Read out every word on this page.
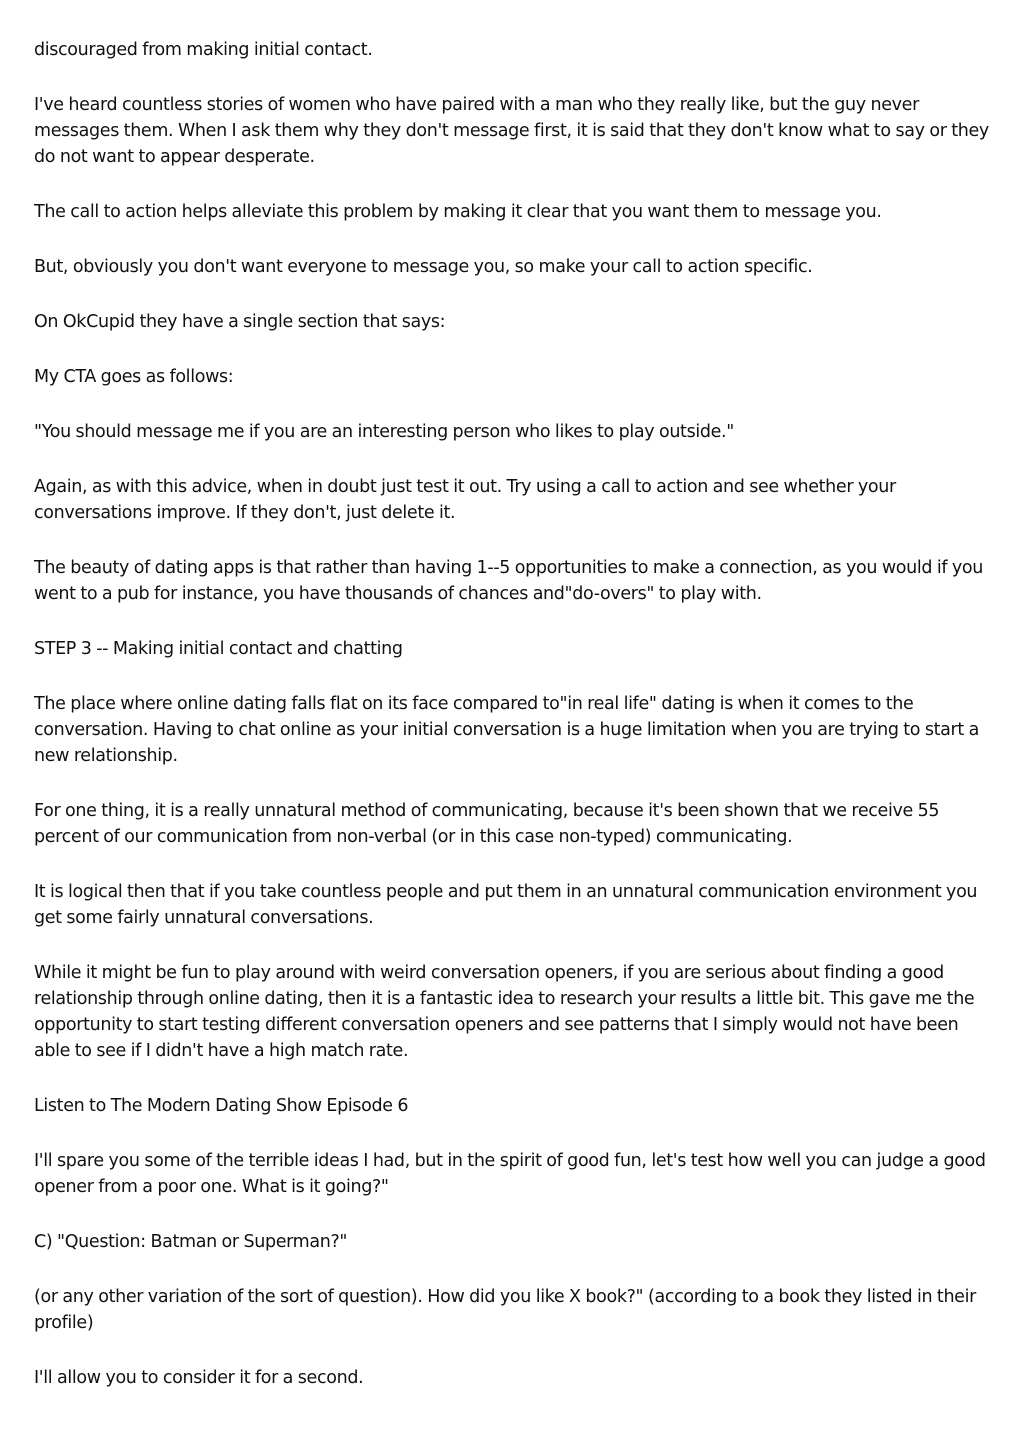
discouraged from making initial contact.

I've heard countless stories of women who have paired with a man who they really like, but the guy never messages them. When I ask them why they don't message first, it is said that they don't know what to say or they do not want to appear desperate.

The call to action helps alleviate this problem by making it clear that you want them to message you.

But, obviously you don't want everyone to message you, so make your call to action specific.

On OkCupid they have a single section that says:

My CTA goes as follows:

"You should message me if you are an interesting person who likes to play outside."

Again, as with this advice, when in doubt just test it out. Try using a call to action and see whether your conversations improve. If they don't, just delete it.

The beauty of dating apps is that rather than having 1--5 opportunities to make a connection, as you would if you went to a pub for instance, you have thousands of chances and"do-overs" to play with.

STEP 3 -- Making initial contact and chatting

The place where online dating falls flat on its face compared to"in real life" dating is when it comes to the conversation. Having to chat online as your initial conversation is a huge limitation when you are trying to start a new relationship.

For one thing, it is a really unnatural method of communicating, because it's been shown that we receive 55 percent of our communication from non-verbal (or in this case non-typed) communicating.

It is logical then that if you take countless people and put them in an unnatural communication environment you get some fairly unnatural conversations.

While it might be fun to play around with weird conversation openers, if you are serious about finding a good relationship through online dating, then it is a fantastic idea to research your results a little bit. This gave me the opportunity to start testing different conversation openers and see patterns that I simply would not have been able to see if I didn't have a high match rate.

Listen to The Modern Dating Show Episode 6

I'll spare you some of the terrible ideas I had, but in the spirit of good fun, let's test how well you can judge a good opener from a poor one. What is it going?"

C) "Question: Batman or Superman?"

(or any other variation of the sort of question). How did you like X book?" (according to a book they listed in their profile)

I'll allow you to consider it for a second.
